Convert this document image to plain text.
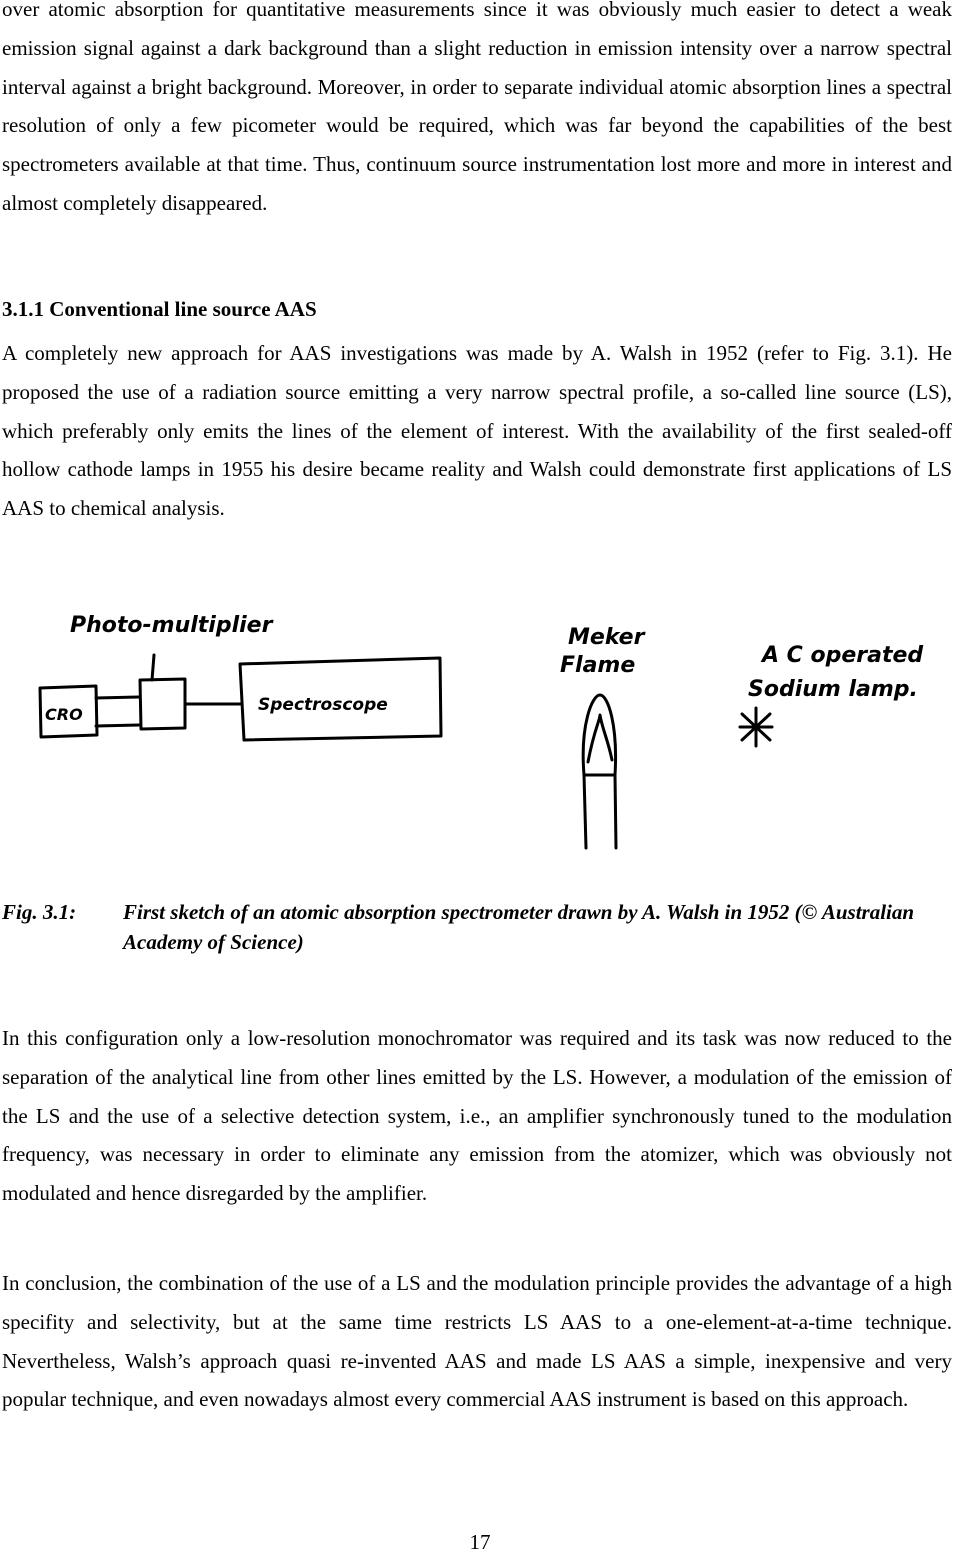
over atomic absorption for quantitative measurements since it was obviously much easier to detect a weak emission signal against a dark background than a slight reduction in emission intensity over a narrow spectral interval against a bright background. Moreover, in order to separate individual atomic absorption lines a spectral resolution of only a few picometer would be required, which was far beyond the capabilities of the best spectrometers available at that time. Thus, continuum source instrumentation lost more and more in interest and almost completely disappeared.

3.1.1 Conventional line source AAS

A completely new approach for AAS investigations was made by A. Walsh in 1952 (refer to Fig. 3.1). He proposed the use of a radiation source emitting a very narrow spectral profile, a so-called line source (LS), which preferably only emits the lines of the element of interest. With the availability of the first sealed-off hollow cathode lamps in 1955 his desire became reality and Walsh could demonstrate first applications of LS AAS to chemical analysis.

Photo-multiplier
CRO	Spectroscope
Meker Flame	A C operated Sodium lamp.
Fig. 3.1: First sketch of an atomic absorption spectrometer drawn by A. Walsh in 1952 (© Australian Academy of Science)

In this configuration only a low-resolution monochromator was required and its task was now reduced to the separation of the analytical line from other lines emitted by the LS. However, a modulation of the emission of the LS and the use of a selective detection system, i.e., an amplifier synchronously tuned to the modulation frequency, was necessary in order to eliminate any emission from the atomizer, which was obviously not modulated and hence disregarded by the amplifier.

In conclusion, the combination of the use of a LS and the modulation principle provides the advantage of a high specifity and selectivity, but at the same time restricts LS AAS to a one-element-at-a-time technique. Nevertheless, Walsh’s approach quasi re-invented AAS and made LS AAS a simple, inexpensive and very popular technique, and even nowadays almost every commercial AAS instrument is based on this approach.

17
